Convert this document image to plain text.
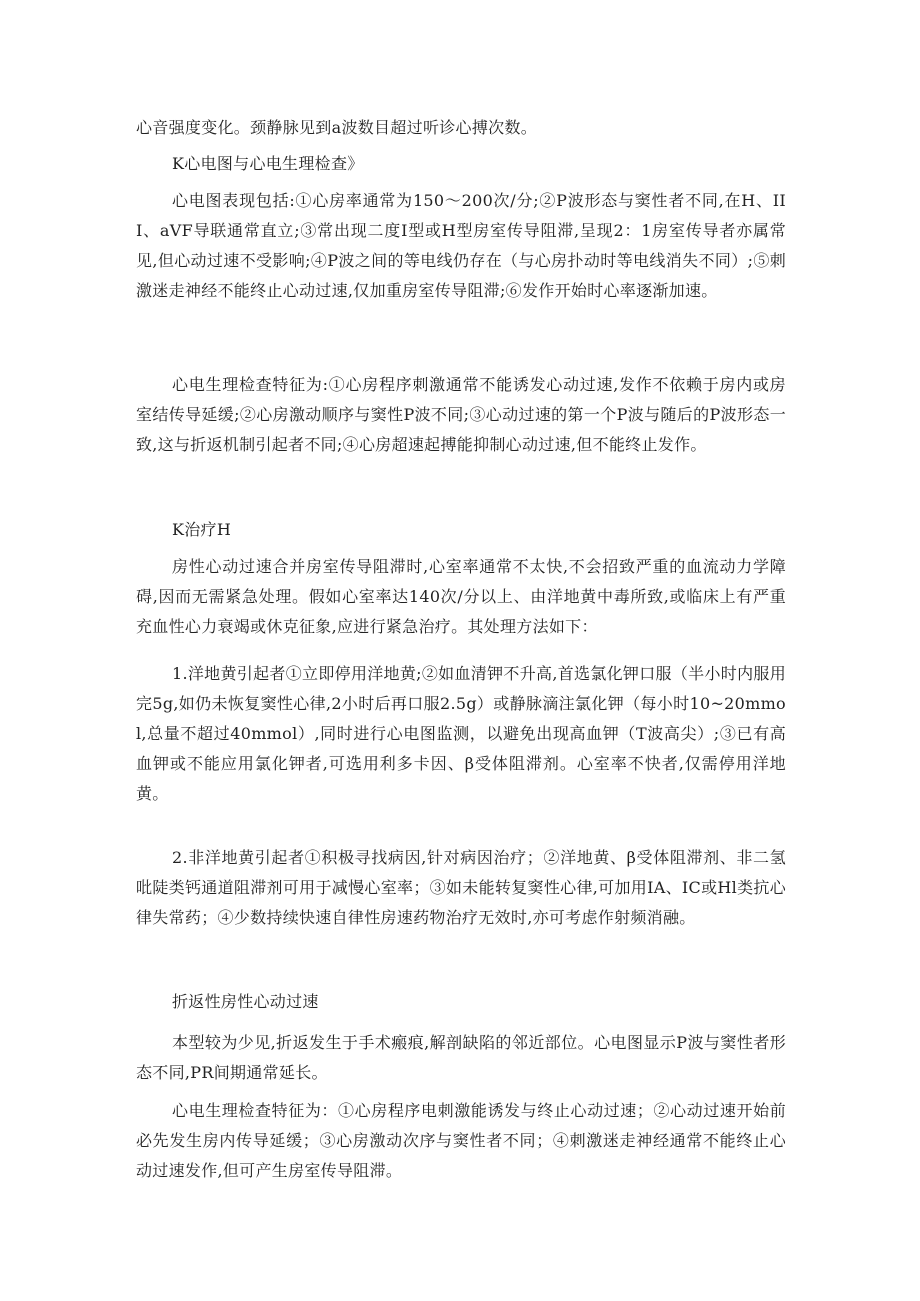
心音强度变化。颈静脉见到a波数目超过听诊心搏次数。

K心电图与心电生理检查》

心电图表现包括:①心房率通常为150～200次/分;②P波形态与窦性者不同,在H、III、aVF导联通常直立;③常出现二度I型或H型房室传导阻滞,呈现2：1房室传导者亦属常见,但心动过速不受影响;④P波之间的等电线仍存在（与心房扑动时等电线消失不同）;⑤刺激迷走神经不能终止心动过速,仅加重房室传导阻滞;⑥发作开始时心率逐渐加速。

心电生理检查特征为:①心房程序刺激通常不能诱发心动过速,发作不依赖于房内或房室结传导延缓;②心房激动顺序与窦性P波不同;③心动过速的第一个P波与随后的P波形态一致,这与折返机制引起者不同;④心房超速起搏能抑制心动过速,但不能终止发作。

K治疗H

房性心动过速合并房室传导阻滞时,心室率通常不太快,不会招致严重的血流动力学障碍,因而无需紧急处理。假如心室率达140次/分以上、由洋地黄中毒所致,或临床上有严重充血性心力衰竭或休克征象,应进行紧急治疗。其处理方法如下：

1.洋地黄引起者①立即停用洋地黄;②如血清钾不升高,首选氯化钾口服（半小时内服用完5g,如仍未恢复窦性心律,2小时后再口服2.5g）或静脉滴注氯化钾（每小时10~20mmol,总量不超过40mmol）,同时进行心电图监测，以避免出现高血钾（T波高尖）;③已有高血钾或不能应用氯化钾者,可选用利多卡因、β受体阻滞剂。心室率不快者,仅需停用洋地黄。

2.非洋地黄引起者①积极寻找病因,针对病因治疗；②洋地黄、β受体阻滞剂、非二氢吡陡类钙通道阻滞剂可用于减慢心室率；③如未能转复窦性心律,可加用IA、IC或Hl类抗心律失常药；④少数持续快速自律性房速药物治疗无效时,亦可考虑作射频消融。

折返性房性心动过速

本型较为少见,折返发生于手术瘢痕,解剖缺陷的邻近部位。心电图显示P波与窦性者形态不同,PR间期通常延长。

心电生理检查特征为：①心房程序电刺激能诱发与终止心动过速；②心动过速开始前必先发生房内传导延缓；③心房激动次序与窦性者不同；④刺激迷走神经通常不能终止心动过速发作,但可产生房室传导阻滞。
